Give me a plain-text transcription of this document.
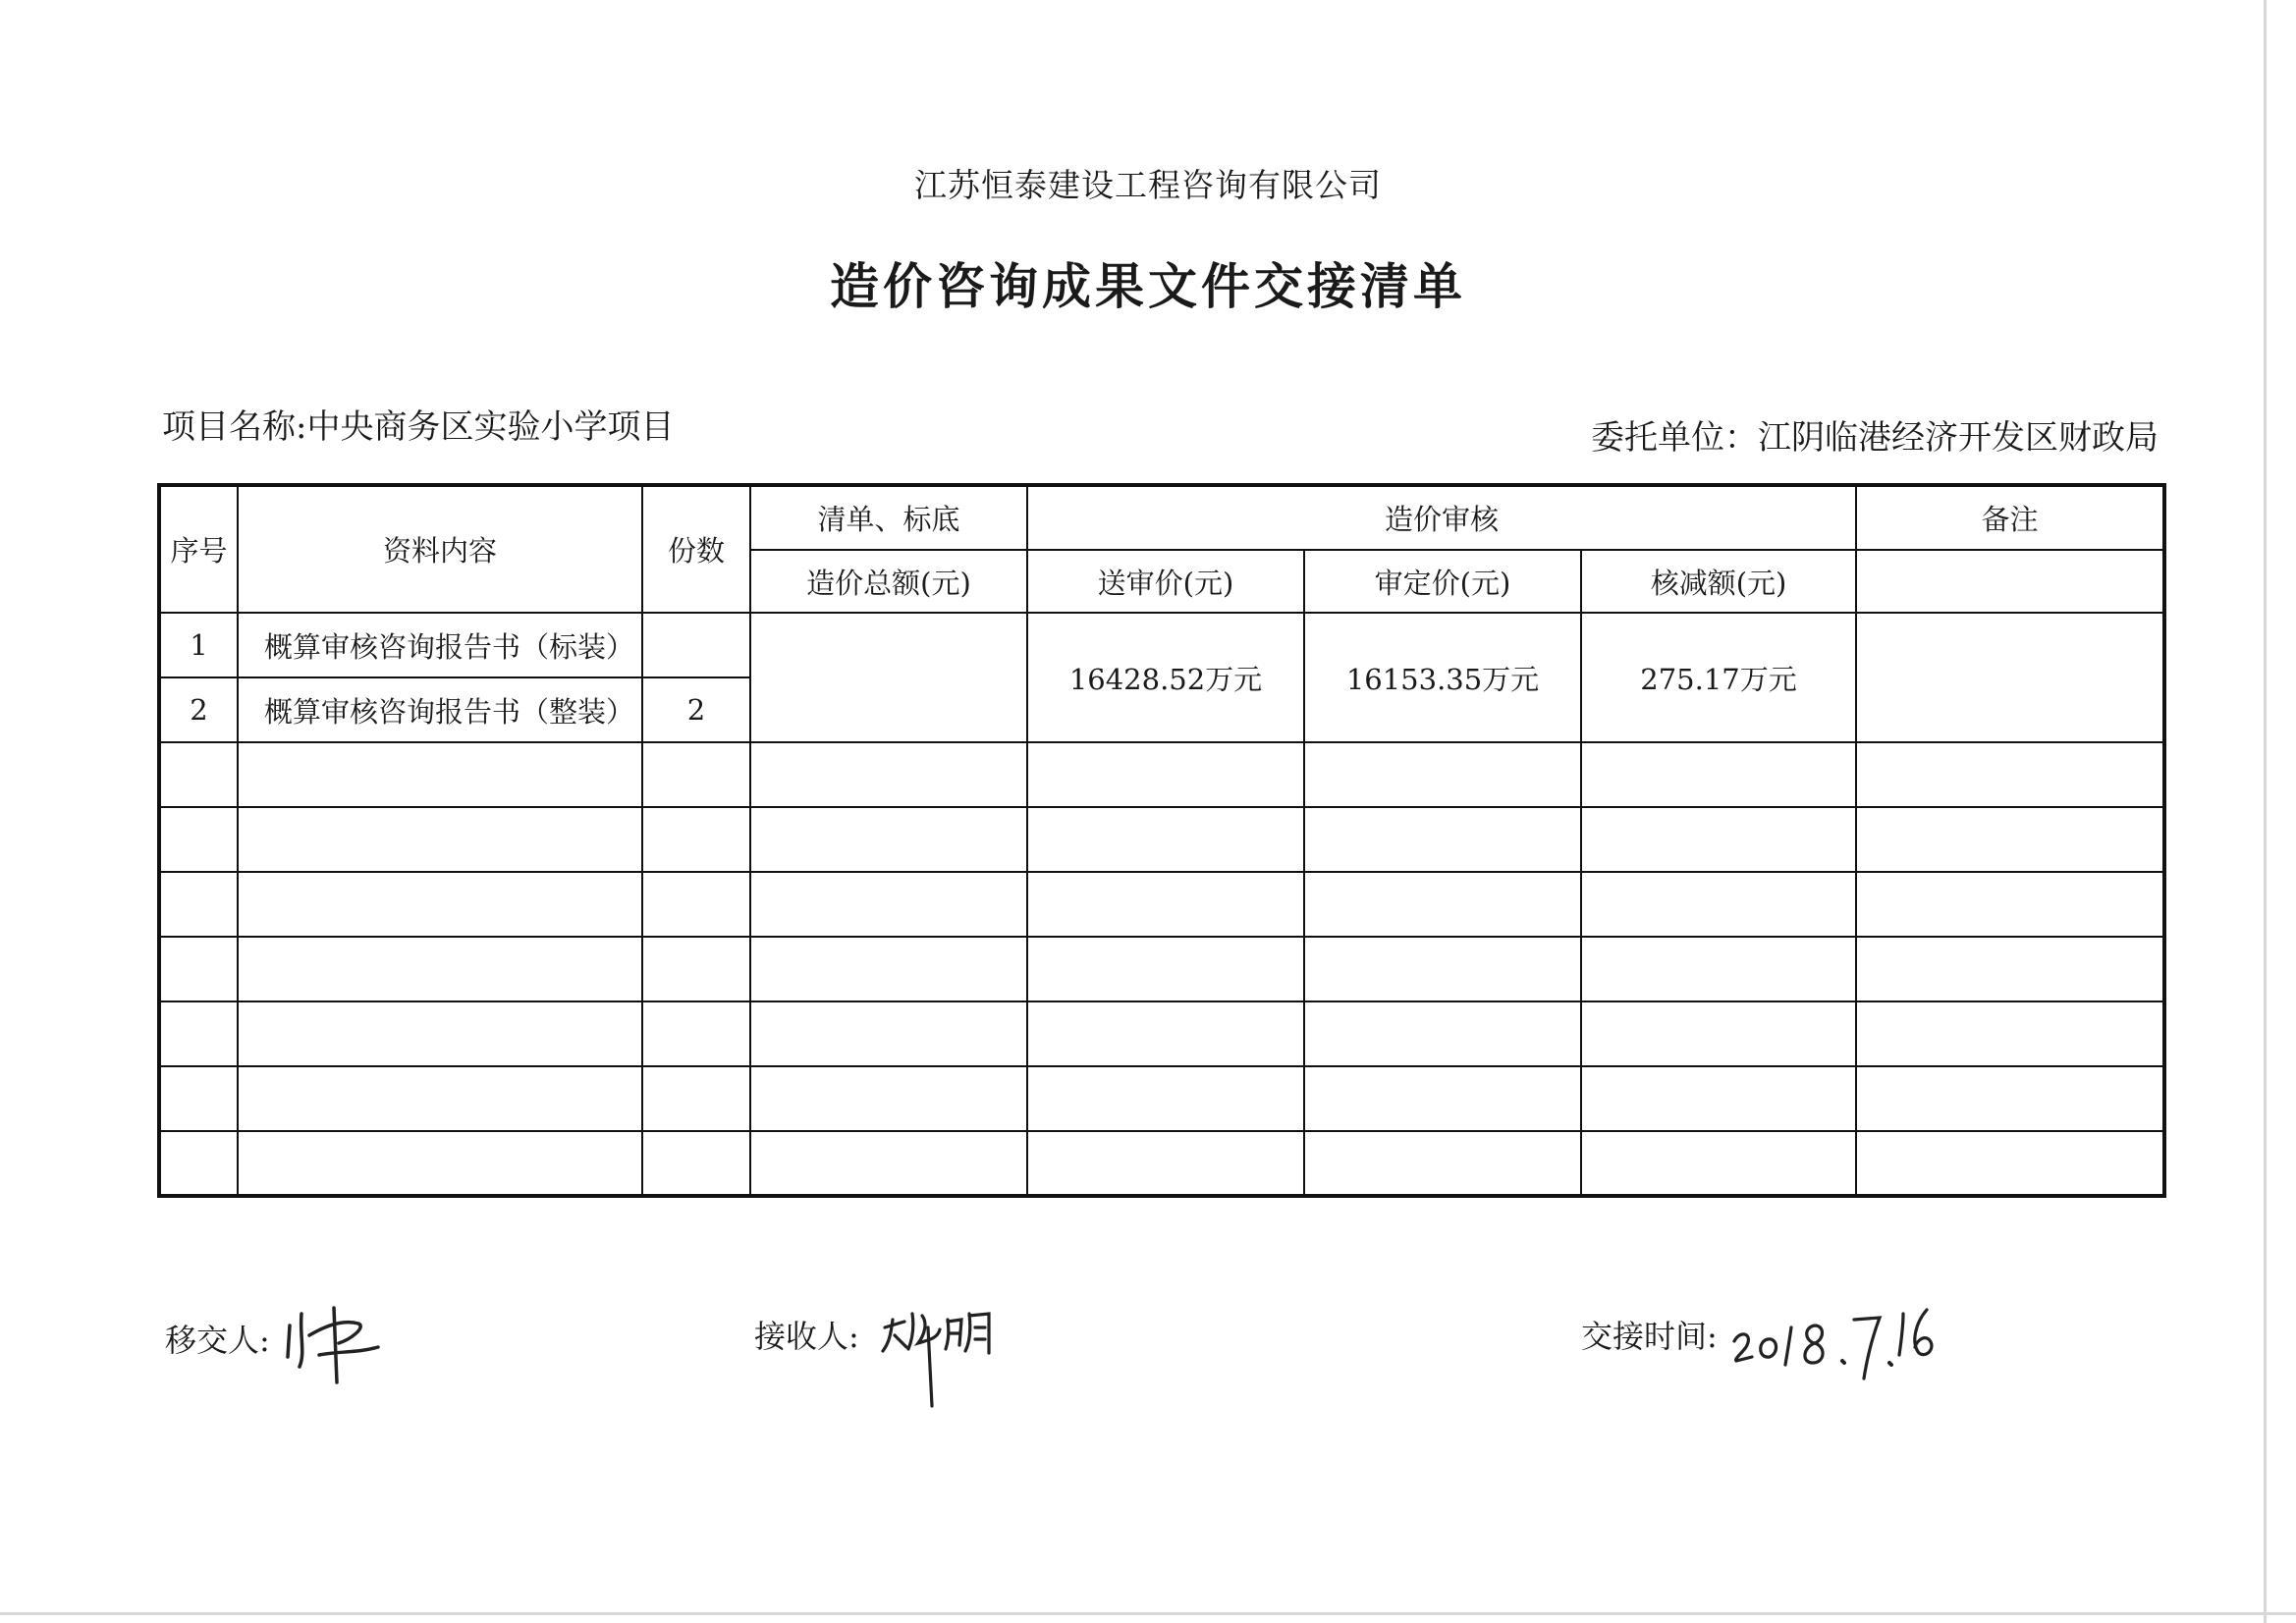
江苏恒泰建设工程咨询有限公司
造价咨询成果文件交接清单
项目名称:中央商务区实验小学项目	委托单位：江阴临港经济开发区财政局
序号	资料内容	份数	清单、标底	造价审核			备注
			造价总额(元)	送审价(元)	审定价(元)	核减额(元)	
1	概算审核咨询报告书（标装）			16428.52万元	16153.35万元	275.17万元	
2	概算审核咨询报告书（整装）	2					

移交人:	接收人:	交接时间:
